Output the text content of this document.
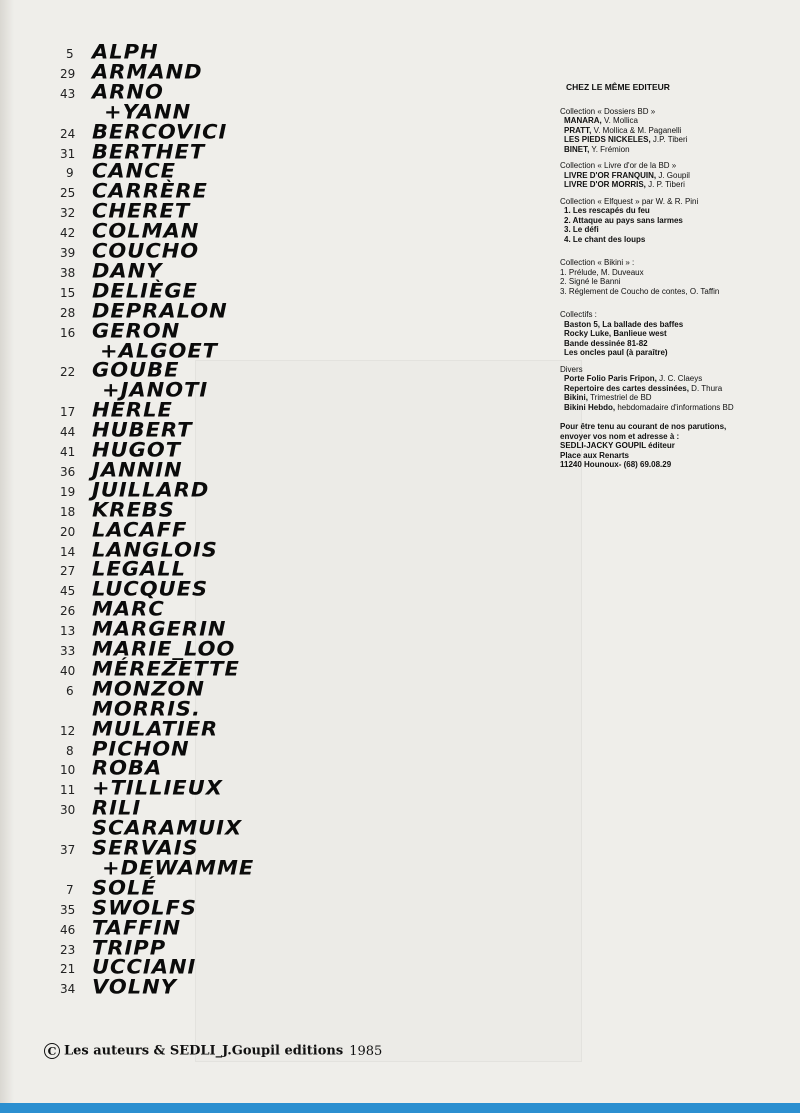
5 ALPH
29 ARMAND
43 ARNO
+YANN
24 BERCOVICI
31 BERTHET
9 CANCE
25 CARRÈRE
32 CHERET
42 COLMAN
39 COUCHO
38 DANY
15 DELIÈGE
28 DEPRALON
16 GERON
+ALGOET
22 GOUBE
+JANOTI
17 HERLE
44 HUBERT
41 HUGOT
36 JANNIN
19 JUILLARD
18 KREBS
20 LACAFF
14 LANGLOIS
27 LEGALL
45 LUCQUES
26 MARC
13 MARGERIN
33 MARIE_LOO
40 MÉREZETTE
6 MONZON
MORRIS.
12 MULATIER
8 PICHON
10 ROBA
11 +TILLIEUX
30 RILI
SCARAMUIX
37 SERVAIS
+DEWAMME
7 SOLÉ
35 SWOLFS
46 TAFFIN
23 TRIPP
21 UCCIANI
34 VOLNY
CHEZ LE MÊME EDITEUR
Collection « Dossiers BD »
MANARA, V. Mollica
PRATT, V. Mollica & M. Paganelli
LES PIEDS NICKELES, J.P. Tiberi
BINET, Y. Frémion
Collection « Livre d'or de la BD »
LIVRE D'OR FRANQUIN, J. Goupil
LIVRE D'OR MORRIS, J. P. Tiberi
Collection « Elfquest » par W. & R. Pini
1. Les rescapés du feu
2. Attaque au pays sans larmes
3. Le défi
4. Le chant des loups
Collection « Bikini » :
1. Prélude, M. Duveaux
2. Signé le Banni
3. Réglement de Coucho de contes, O. Taffin
Collectifs :
Baston 5, La ballade des baffes
Rocky Luke, Banlieue west
Bande dessinée 81-82
Les oncles paul (à paraître)
Divers
Porte Folio Paris Fripon, J. C. Claeys
Repertoire des cartes dessinées, D. Thura
Bikini, Trimestriel de BD
Bikini Hebdo, hebdomadaire d'informations BD
Pour être tenu au courant de nos parutions,
envoyer vos nom et adresse à :
SEDLI-JACKY GOUPIL éditeur
Place aux Renarts
11240 Hounoux- (68) 69.08.29
C Les auteurs & SEDLI_J.Goupil editions 1985
